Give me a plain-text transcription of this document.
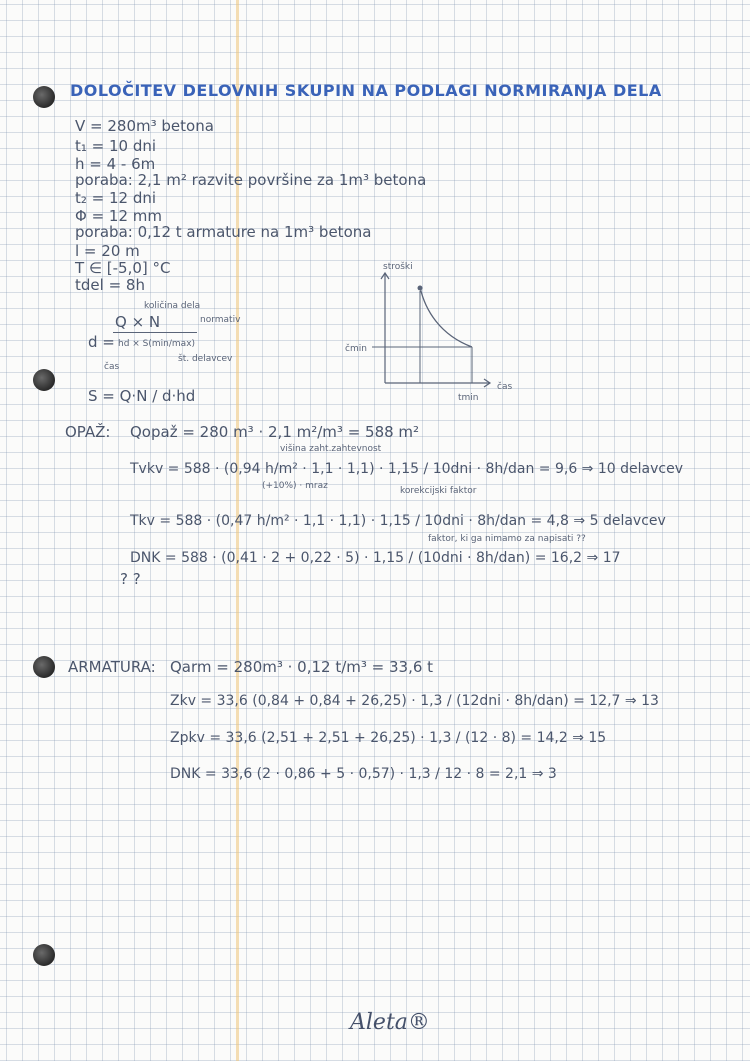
DOLOČITEV DELOVNIH SKUPIN NA PODLAGI NORMIRANJA DELA
V = 280m³ betona
t₁ = 10 dni
h = 4 - 6m
poraba: 2,1 m² razvite površine za 1m³ betona
t₂ = 12 dni
Φ = 12 mm
poraba: 0,12 t armature na 1m³ betona
l = 20 m
T ∈ [-5,0] °C
tdel = 8h
količina dela
Q × N	normativ
d = hd × S(min/max)
št. delavcev
čas
S = Q·N / d·hd
stroški
čmin
čas
tmin
OPAŽ: Qopaž = 280 m³ · 2,1 m²/m³ = 588 m²
višina zaht.zahtevnost
Tvkv = 588 · (0,94 h/m² · 1,1 · 1,1) · 1,15 / 10dni · 8h/dan = 9,6 ⇒ 10 delavcev
(+10%) · mraz	korekcijski faktor
Tkv = 588 · (0,47 h/m² · 1,1 · 1,1) · 1,15 / 10dni · 8h/dan = 4,8 ⇒ 5 delavcev
faktor, ki ga nimamo za napisati ??
DNK = 588 · (0,41 · 2 + 0,22 · 5) · 1,15 / (10dni · 8h/dan) = 16,2 ⇒ 17
? ?
ARMATURA: Qarm = 280m³ · 0,12 t/m³ = 33,6 t
Zkv = 33,6 (0,84 + 0,84 + 26,25) · 1,3 / (12dni · 8h/dan) = 12,7 ⇒ 13
Zpkv = 33,6 (2,51 + 2,51 + 26,25) · 1,3 / (12 · 8) = 14,2 ⇒ 15
DNK = 33,6 (2 · 0,86 + 5 · 0,57) · 1,3 / 12 · 8 = 2,1 ⇒ 3
Aleta®
